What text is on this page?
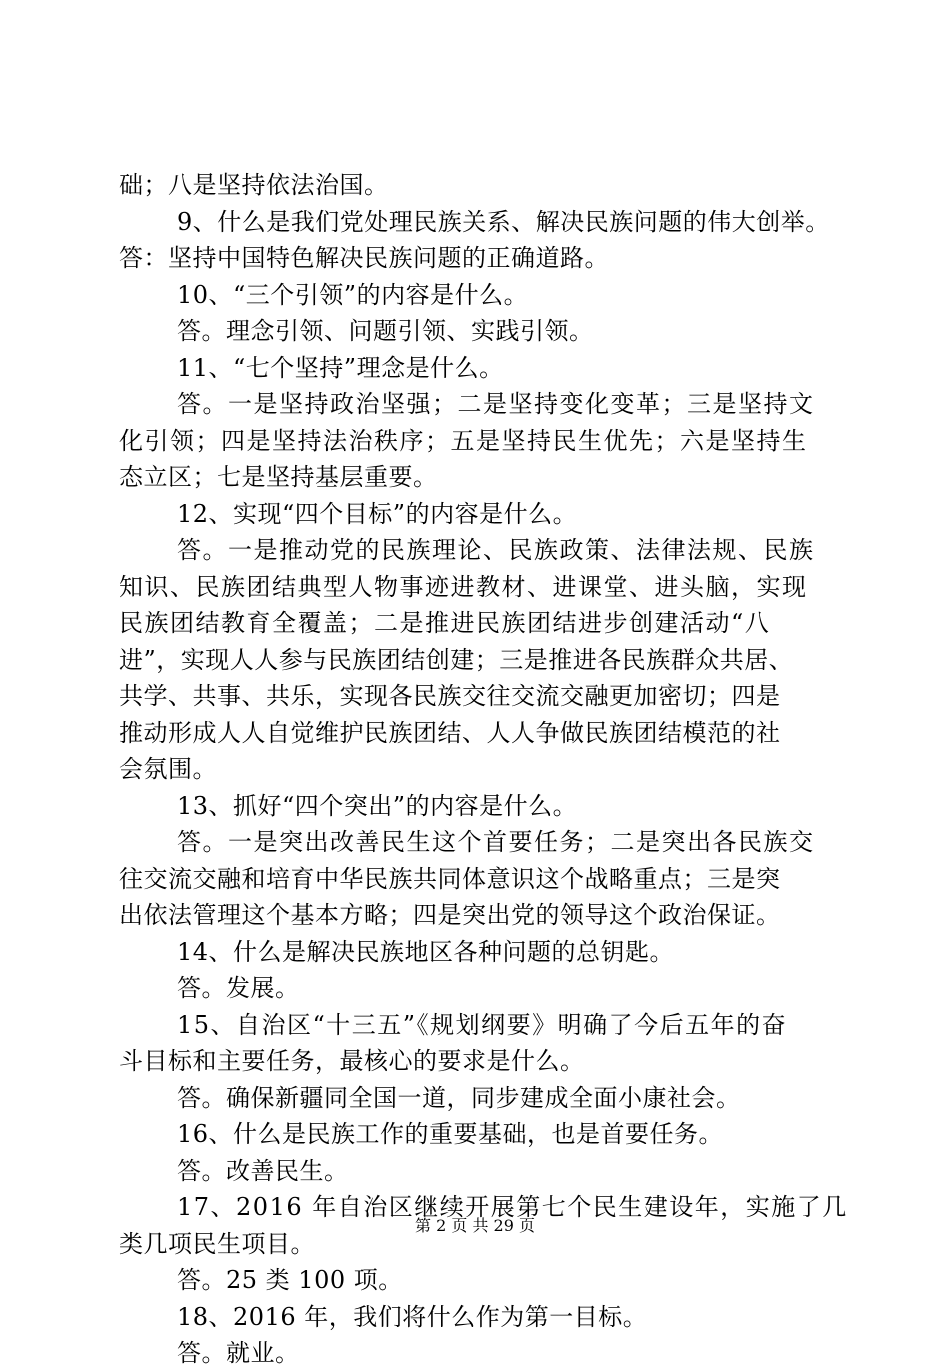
础；八是坚持依法治国。
9、什么是我们党处理民族关系、解决民族问题的伟大创举。
答：坚持中国特色解决民族问题的正确道路。
10、“三个引领”的内容是什么。
答。理念引领、问题引领、实践引领。
11、“七个坚持”理念是什么。
答。一是坚持政治坚强；二是坚持变化变革；三是坚持文
化引领；四是坚持法治秩序；五是坚持民生优先；六是坚持生
态立区；七是坚持基层重要。
12、实现“四个目标”的内容是什么。
答。一是推动党的民族理论、民族政策、法律法规、民族
知识、民族团结典型人物事迹进教材、进课堂、进头脑，实现
民族团结教育全覆盖；二是推进民族团结进步创建活动“八
进”，实现人人参与民族团结创建；三是推进各民族群众共居、
共学、共事、共乐，实现各民族交往交流交融更加密切；四是
推动形成人人自觉维护民族团结、人人争做民族团结模范的社
会氛围。
13、抓好“四个突出”的内容是什么。
答。一是突出改善民生这个首要任务；二是突出各民族交
往交流交融和培育中华民族共同体意识这个战略重点；三是突
出依法管理这个基本方略；四是突出党的领导这个政治保证。
14、什么是解决民族地区各种问题的总钥匙。
答。发展。
15、自治区“十三五”《规划纲要》明确了今后五年的奋
斗目标和主要任务，最核心的要求是什么。
答。确保新疆同全国一道，同步建成全面小康社会。
16、什么是民族工作的重要基础，也是首要任务。
答。改善民生。
17、2016 年自治区继续开展第七个民生建设年，实施了几
类几项民生项目。
答。25 类 100 项。
18、2016 年，我们将什么作为第一目标。
答。就业。
第 2 页 共 29 页
